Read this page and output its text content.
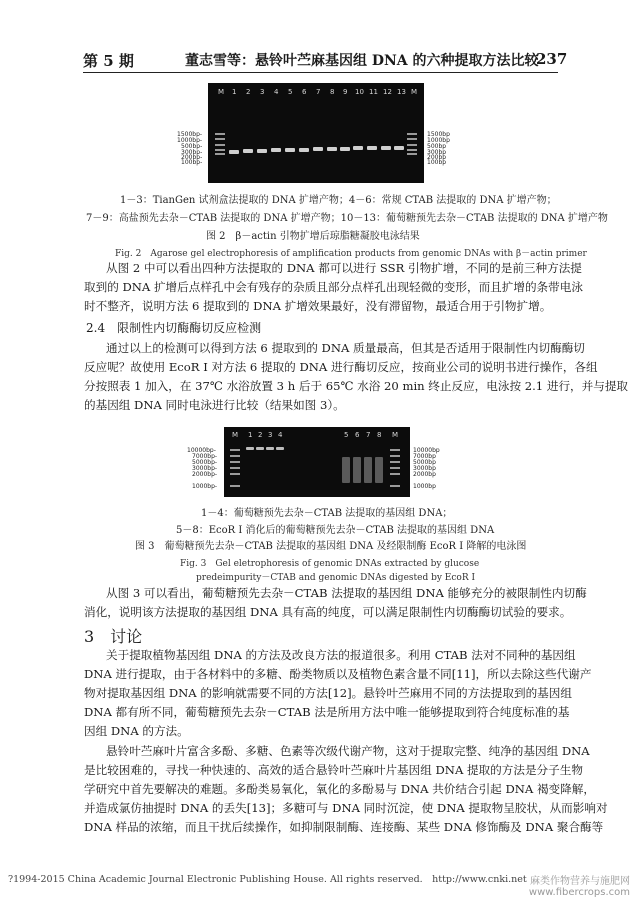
第 5 期	董志雪等：悬铃叶苎麻基因组 DNA 的六种提取方法比较
237
M 1 2 3 4 5 6 7 8 9 10 11 12 13 M
1500bp-
1000bp-
500bp-
300bp-
200bp-
100bp-
1500bp
1000bp
500bp
300bp
200bp
100bp
1－3：TianGen 试剂盒法提取的 DNA 扩增产物；4－6：常规 CTAB 法提取的 DNA 扩增产物；
7－9：高盐预先去杂－CTAB 法提取的 DNA 扩增产物；10－13：葡萄糖预先去杂－CTAB 法提取的 DNA 扩增产物
图 2　β－actin 引物扩增后琼脂糖凝胶电泳结果
Fig. 2　Agarose gel electrophoresis of amplification products from genomic DNAs with β－actin primer
从图 2 中可以看出四种方法提取的 DNA 都可以进行 SSR 引物扩增，不同的是前三种方法提
取到的 DNA 扩增后点样孔中会有残存的杂质且部分点样孔出现轻微的变形，而且扩增的条带电泳
时不整齐，说明方法 6 提取到的 DNA 扩增效果最好，没有滞留物，最适合用于引物扩增。
2.4　限制性内切酶酶切反应检测
通过以上的检测可以得到方法 6 提取到的 DNA 质量最高，但其是否适用于限制性内切酶酶切
反应呢？故使用 EcoR I 对方法 6 提取的 DNA 进行酶切反应，按商业公司的说明书进行操作，各组
分按照表 1 加入，在 37℃ 水浴放置 3 h 后于 65℃ 水浴 20 min 终止反应，电泳按 2.1 进行，并与提取
的基因组 DNA 同时电泳进行比较（结果如图 3）。
M 1 2 3 4	5 6 7 8 M
10000bp-
7000bp-
5000bp-
3000bp-
2000bp-
1000bp-
10000bp
7000bp
5000bp
3000bp
2000bp
1000bp
1－4：葡萄糖预先去杂－CTAB 法提取的基因组 DNA；
5－8：EcoR I 消化后的葡萄糖预先去杂－CTAB 法提取的基因组 DNA
图 3　葡萄糖预先去杂－CTAB 法提取的基因组 DNA 及经限制酶 EcoR I 降解的电泳图
Fig. 3　Gel eletrophoresis of genomic DNAs extracted by glucose
predeimpurity－CTAB and genomic DNAs digested by EcoR I
从图 3 可以看出，葡萄糖预先去杂－CTAB 法提取的基因组 DNA 能够充分的被限制性内切酶
消化，说明该方法提取的基因组 DNA 具有高的纯度，可以满足限制性内切酶酶切试验的要求。
3　讨论
关于提取植物基因组 DNA 的方法及改良方法的报道很多。利用 CTAB 法对不同种的基因组
DNA 进行提取，由于各材料中的多糖、酚类物质以及植物色素含量不同[11]，所以去除这些代谢产
物对提取基因组 DNA 的影响就需要不同的方法[12]。悬铃叶苎麻用不同的方法提取到的基因组
DNA 都有所不同，葡萄糖预先去杂－CTAB 法是所用方法中唯一能够提取到符合纯度标准的基
因组 DNA 的方法。
悬铃叶苎麻叶片富含多酚、多糖、色素等次级代谢产物，这对于提取完整、纯净的基因组 DNA
是比较困难的，寻找一种快速的、高效的适合悬铃叶苎麻叶片基因组 DNA 提取的方法是分子生物
学研究中首先要解决的难题。多酚类易氧化，氧化的多酚易与 DNA 共价结合引起 DNA 褐变降解，
并造成氯仿抽提时 DNA 的丢失[13]；多糖可与 DNA 同时沉淀，使 DNA 提取物呈胶状，从而影响对
DNA 样品的浓缩，而且干扰后续操作，如抑制限制酶、连接酶、某些 DNA 修饰酶及 DNA 聚合酶等
?1994-2015 China Academic Journal Electronic Publishing House. All rights reserved.　http://www.cnki.net 麻类作物营养与施肥网 www.fibercrops.com
